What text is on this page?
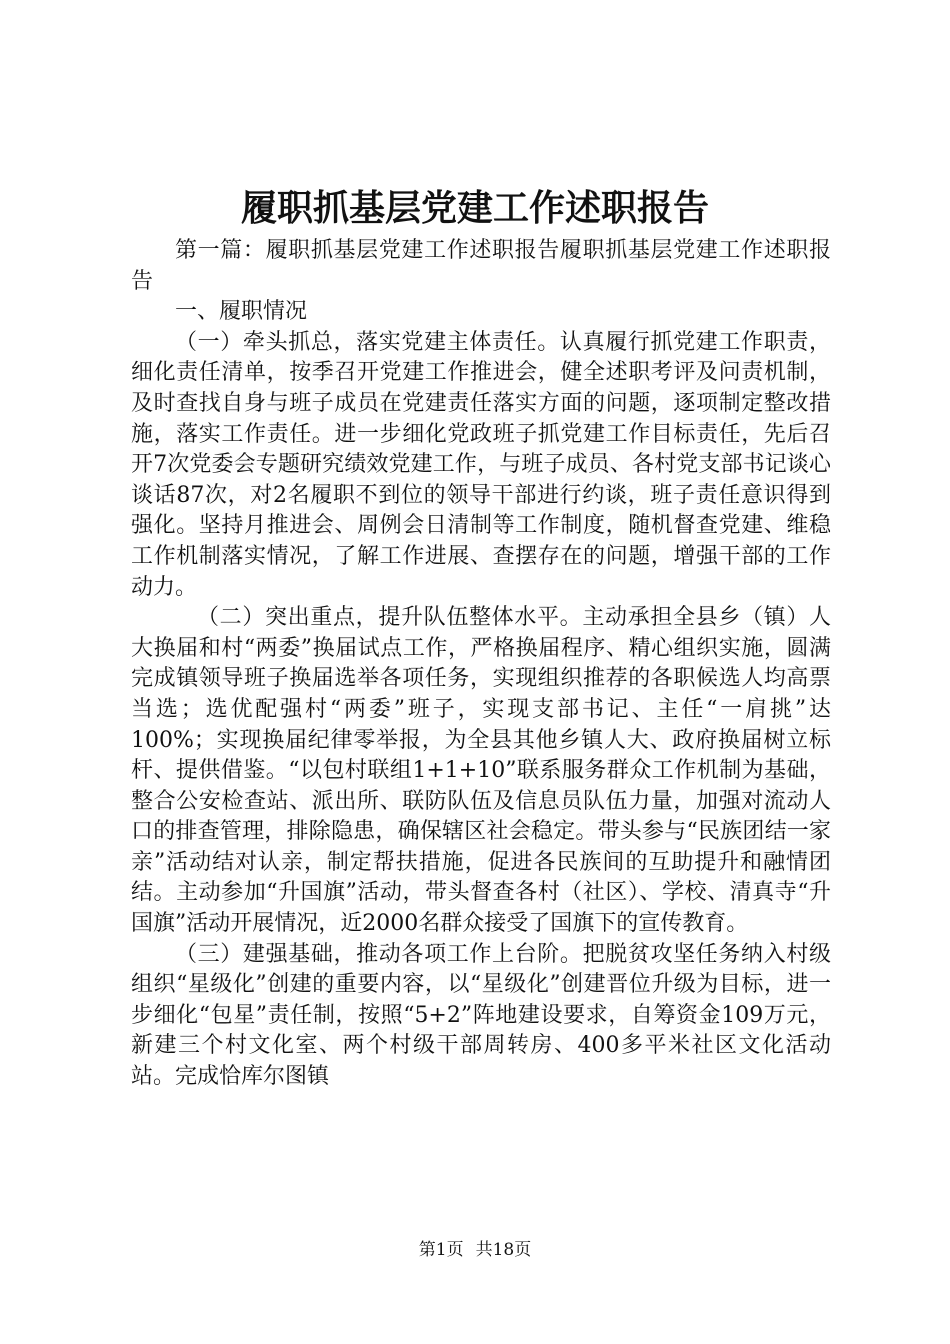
履职抓基层党建工作述职报告

第一篇：履职抓基层党建工作述职报告履职抓基层党建工作述职报告

一、履职情况

（一）牵头抓总，落实党建主体责任。认真履行抓党建工作职责，细化责任清单，按季召开党建工作推进会，健全述职考评及问责机制，及时查找自身与班子成员在党建责任落实方面的问题，逐项制定整改措施，落实工作责任。进一步细化党政班子抓党建工作目标责任，先后召开7次党委会专题研究绩效党建工作，与班子成员、各村党支部书记谈心谈话87次，对2名履职不到位的领导干部进行约谈，班子责任意识得到强化。坚持月推进会、周例会日清制等工作制度，随机督查党建、维稳工作机制落实情况，了解工作进展、查摆存在的问题，增强干部的工作动力。

（二）突出重点，提升队伍整体水平。主动承担全县乡（镇）人大换届和村“两委”换届试点工作，严格换届程序、精心组织实施，圆满完成镇领导班子换届选举各项任务，实现组织推荐的各职候选人均高票当选；选优配强村“两委”班子，实现支部书记、主任“一肩挑”达100%；实现换届纪律零举报，为全县其他乡镇人大、政府换届树立标杆、提供借鉴。“以包村联组1+1+10”联系服务群众工作机制为基础，整合公安检查站、派出所、联防队伍及信息员队伍力量，加强对流动人口的排查管理，排除隐患，确保辖区社会稳定。带头参与“民族团结一家亲”活动结对认亲，制定帮扶措施，促进各民族间的互助提升和融情团结。主动参加“升国旗”活动，带头督查各村（社区）、学校、清真寺“升国旗”活动开展情况，近2000名群众接受了国旗下的宣传教育。

（三）建强基础，推动各项工作上台阶。把脱贫攻坚任务纳入村级组织“星级化”创建的重要内容，以“星级化”创建晋位升级为目标，进一步细化“包星”责任制，按照“5+2”阵地建设要求，自筹资金109万元，新建三个村文化室、两个村级干部周转房、400多平米社区文化活动站。完成恰库尔图镇

第1页 共18页
